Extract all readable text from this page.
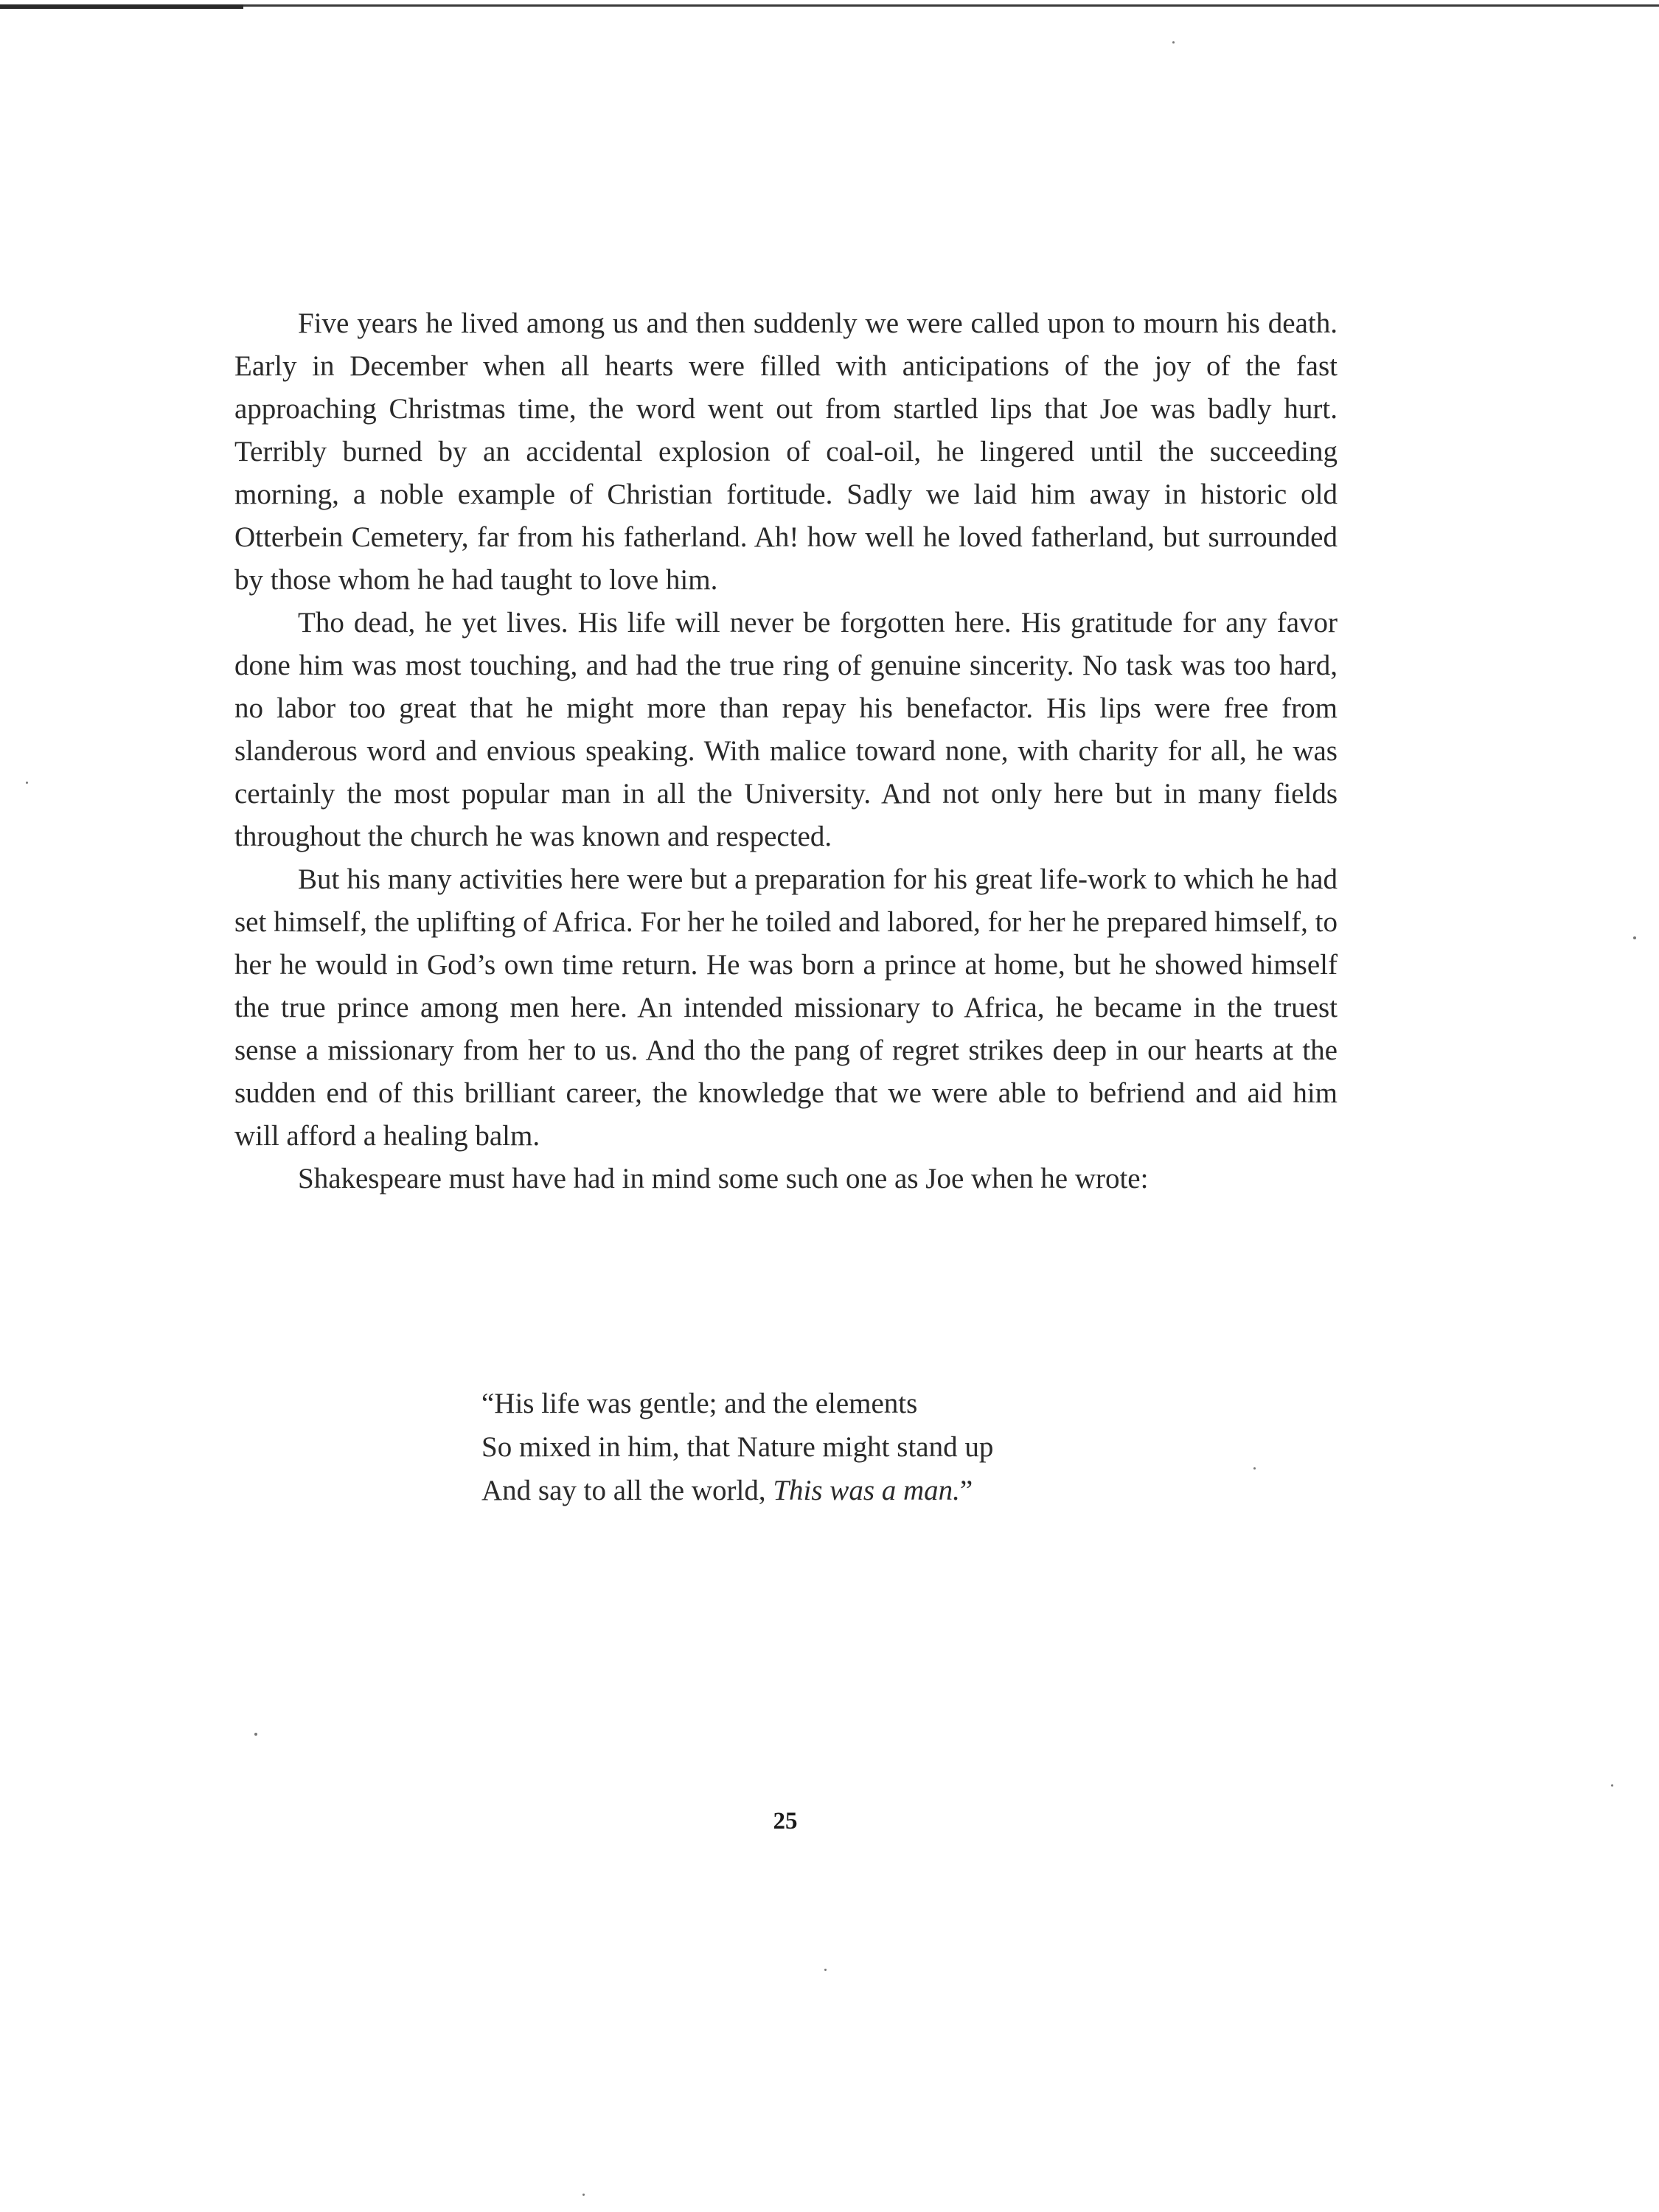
Five years he lived among us and then suddenly we were called upon to mourn his death. Early in December when all hearts were filled with anticipations of the joy of the fast approaching Christmas time, the word went out from startled lips that Joe was badly hurt. Terribly burned by an accidental explosion of coal-oil, he lingered until the succeeding morning, a noble example of Christian fortitude. Sadly we laid him away in historic old Otterbein Cemetery, far from his fatherland. Ah! how well he loved fatherland, but surrounded by those whom he had taught to love him.

Tho dead, he yet lives. His life will never be forgotten here. His gratitude for any favor done him was most touching, and had the true ring of genuine sincerity. No task was too hard, no labor too great that he might more than repay his benefactor. His lips were free from slanderous word and envious speaking. With malice toward none, with charity for all, he was certainly the most popular man in all the University. And not only here but in many fields throughout the church he was known and respected.

But his many activities here were but a preparation for his great life-work to which he had set himself, the uplifting of Africa. For her he toiled and labored, for her he prepared himself, to her he would in God’s own time return. He was born a prince at home, but he showed himself the true prince among men here. An intended missionary to Africa, he became in the truest sense a missionary from her to us. And tho the pang of regret strikes deep in our hearts at the sudden end of this brilliant career, the knowledge that we were able to befriend and aid him will afford a healing balm.

Shakespeare must have had in mind some such one as Joe when he wrote:

“His life was gentle; and the elements
So mixed in him, that Nature might stand up
And say to all the world, This was a man.”
25
